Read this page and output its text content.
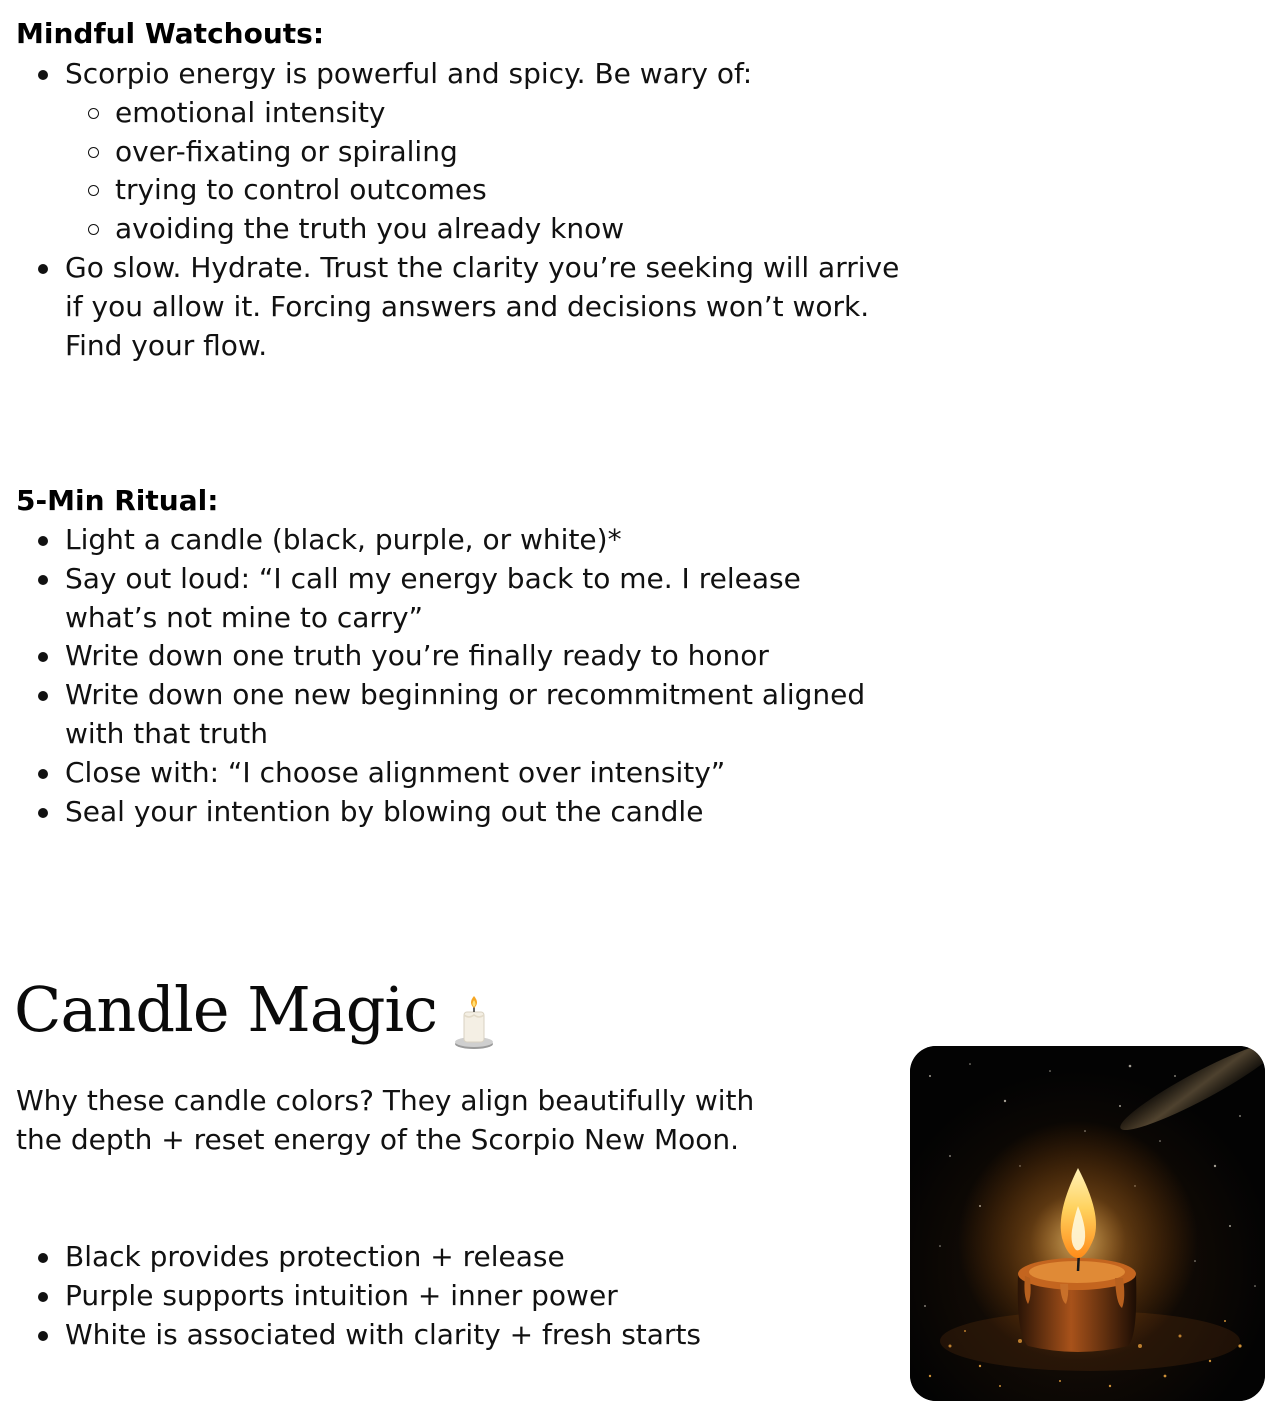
Mindful Watchouts:
Scorpio energy is powerful and spicy. Be wary of:
emotional intensity
over-fixating or spiraling
trying to control outcomes
avoiding the truth you already know
Go slow. Hydrate. Trust the clarity you’re seeking will arrive if you allow it. Forcing answers and decisions won’t work. Find your flow.
5-Min Ritual:
Light a candle (black, purple, or white)*
Say out loud: “I call my energy back to me. I release what’s not mine to carry”
Write down one truth you’re finally ready to honor
Write down one new beginning or recommitment aligned with that truth
Close with: “I choose alignment over intensity”
Seal your intention by blowing out the candle
Candle Magic

Why these candle colors? They align beautifully with the depth + reset energy of the Scorpio New Moon.

Black provides protection + release
Purple supports intuition + inner power
White is associated with clarity + fresh starts
